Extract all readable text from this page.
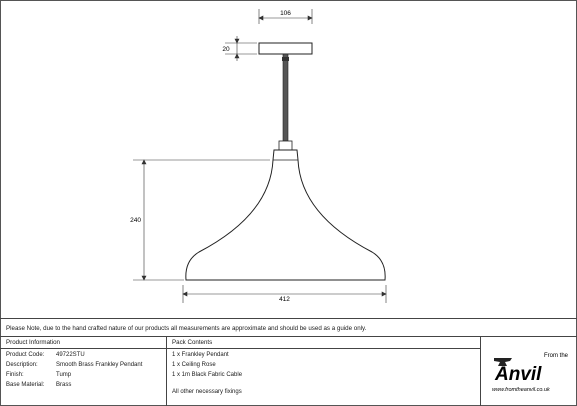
106
20
240
412
Please Note, due to the hand crafted nature of our products all measurements are approximate and should be used as a guide only.
Product Information	Pack Contents
Product Code: 49722STU
Description:	Smooth Brass Frankley Pendant
Finish:	Tump
Base Material: Brass
1 x Frankley Pendant
1 x Ceiling Rose
1 x 1m Black Fabric Cable
All other necessary fixings
From the
Anvil
www.fromtheanvil.co.uk
